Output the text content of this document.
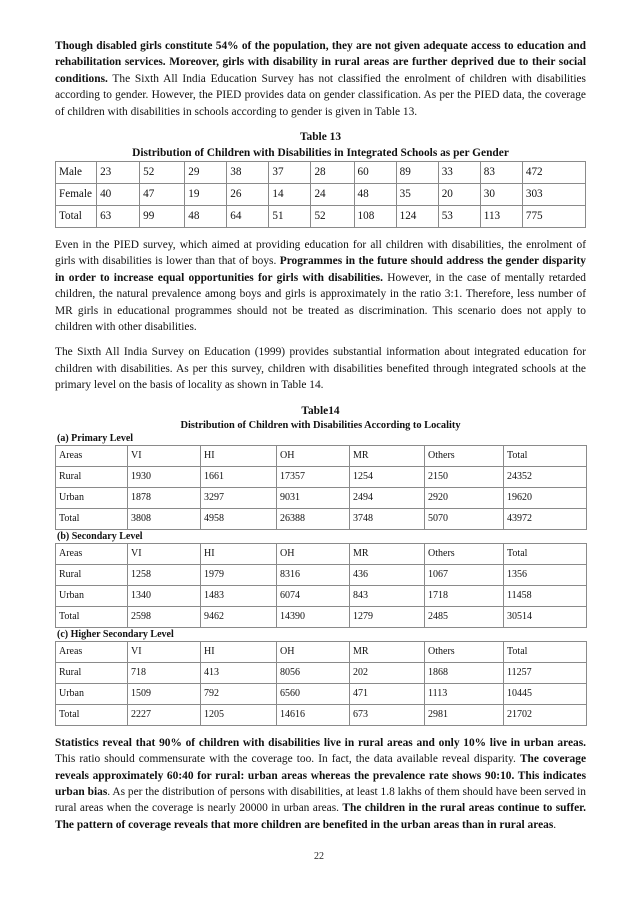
Though disabled girls constitute 54% of the population, they are not given adequate access to education and rehabilitation services. Moreover, girls with disability in rural areas are further deprived due to their social conditions. The Sixth All India Education Survey has not classified the enrolment of children with disabilities according to gender. However, the PIED provides data on gender classification. As per the PIED data, the coverage of children with disabilities in schools according to gender is given in Table 13.

Table 13
Distribution of Children with Disabilities in Integrated Schools as per Gender
Male	23	52	29	38	37	28	60	89	33	83	472
Female	40	47	19	26	14	24	48	35	20	30	303
Total	63	99	48	64	51	52	108	124	53	113	775

Even in the PIED survey, which aimed at providing education for all children with disabilities, the enrolment of girls with disabilities is lower than that of boys. Programmes in the future should address the gender disparity in order to increase equal opportunities for girls with disabilities. However, in the case of mentally retarded children, the natural prevalence among boys and girls is approximately in the ratio 3:1. Therefore, less number of MR girls in educational programmes should not be treated as discrimination. This scenario does not apply to children with other disabilities.

The Sixth All India Survey on Education (1999) provides substantial information about integrated education for children with disabilities. As per this survey, children with disabilities benefited through integrated schools at the primary level on the basis of locality as shown in Table 14.

Table14
Distribution of Children with Disabilities According to Locality
(a) Primary Level
Areas	VI	HI	OH	MR	Others	Total
Rural	1930	1661	17357	1254	2150	24352
Urban	1878	3297	9031	2494	2920	19620
Total	3808	4958	26388	3748	5070	43972
(b) Secondary Level
Areas	VI	HI	OH	MR	Others	Total
Rural	1258	1979	8316	436	1067	1356
Urban	1340	1483	6074	843	1718	11458
Total	2598	9462	14390	1279	2485	30514
(c) Higher Secondary Level
Areas	VI	HI	OH	MR	Others	Total
Rural	718	413	8056	202	1868	11257
Urban	1509	792	6560	471	1113	10445
Total	2227	1205	14616	673	2981	21702

Statistics reveal that 90% of children with disabilities live in rural areas and only 10% live in urban areas. This ratio should commensurate with the coverage too. In fact, the data available reveal disparity. The coverage reveals approximately 60:40 for rural: urban areas whereas the prevalence rate shows 90:10. This indicates urban bias. As per the distribution of persons with disabilities, at least 1.8 lakhs of them should have been served in rural areas when the coverage is nearly 20000 in urban areas. The children in the rural areas continue to suffer. The pattern of coverage reveals that more children are benefited in the urban areas than in rural areas.

22
